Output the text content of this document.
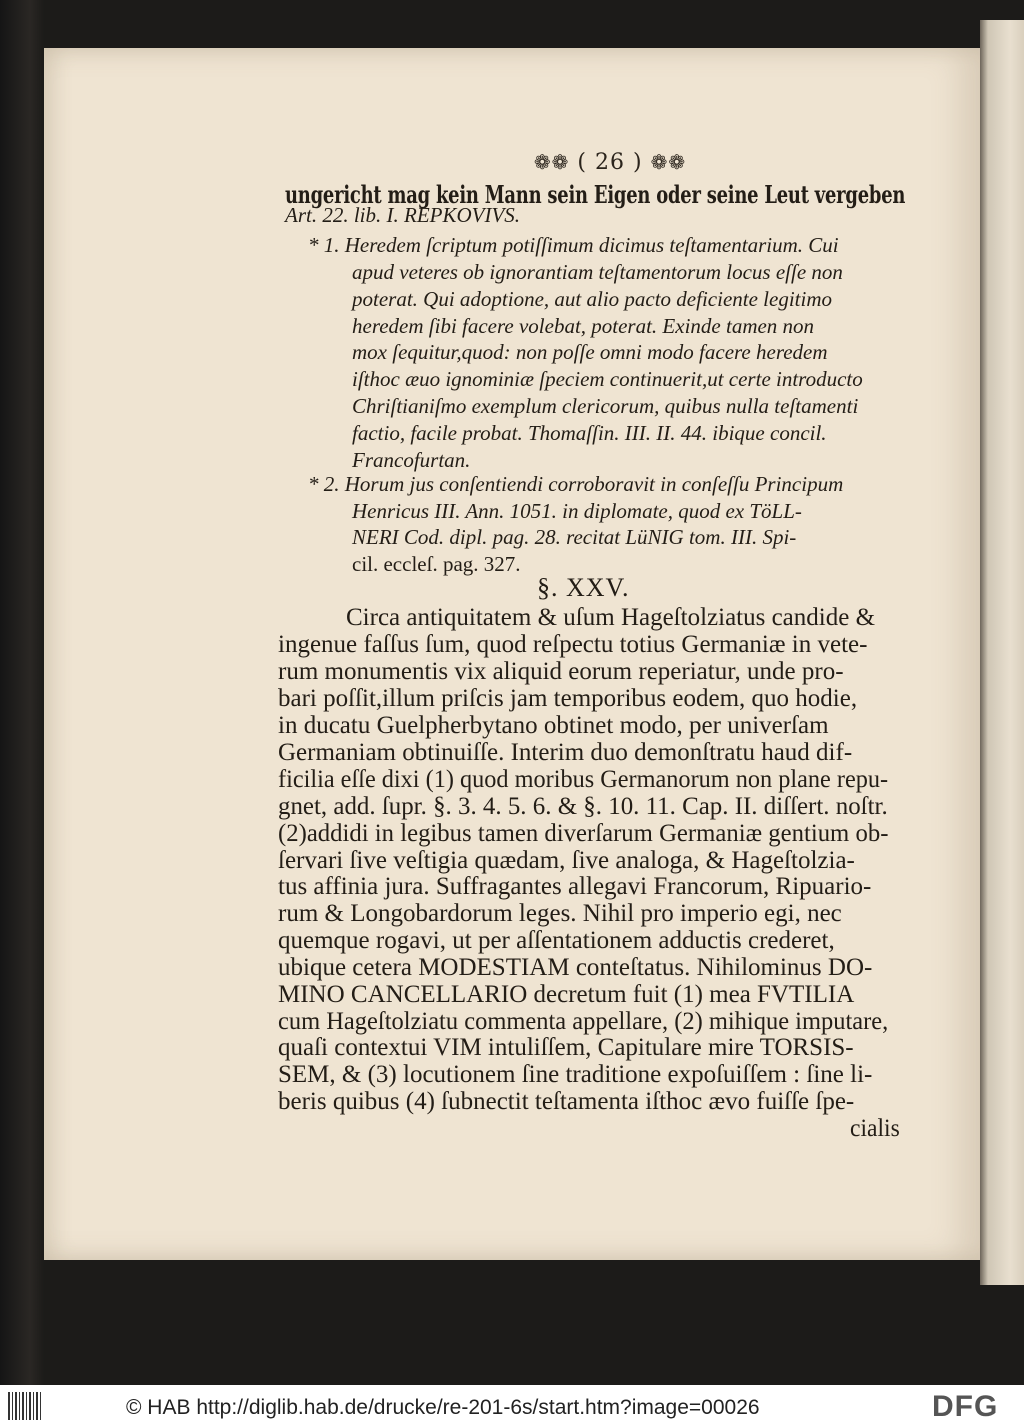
❁❁ ( 26 ) ❁❁
ungericht mag kein Mann sein Eigen oder seine Leut vergeben
Art. 22. lib. I. REPKOVIVS.
* 1. Heredem ſcriptum potiſſimum dicimus teſtamentarium. Cui
apud veteres ob ignorantiam teſtamentorum locus eſſe non
poterat. Qui adoptione, aut alio pacto deficiente legitimo
heredem ſibi facere volebat, poterat. Exinde tamen non
mox ſequitur,quod: non poſſe omni modo facere heredem
iſthoc æuo ignominiæ ſpeciem continuerit,ut certe introducto
Chriſtianiſmo exemplum clericorum, quibus nulla teſtamenti
factio, facile probat. Thomaſſin. III. II. 44. ibique concil.
Francofurtan.
* 2. Horum jus conſentiendi corroboravit in conſeſſu Principum
Henricus III. Ann. 1051. in diplomate, quod ex TöLL-
NERI Cod. dipl. pag. 28. recitat LüNIG tom. III. Spi-
cil. eccleſ. pag. 327.
§. XXV.
Circa antiquitatem & uſum Hageſtolziatus candide &
ingenue faſſus ſum, quod reſpectu totius Germaniæ in vete-
rum monumentis vix aliquid eorum reperiatur, unde pro-
bari poſſit,illum priſcis jam temporibus eodem, quo hodie,
in ducatu Guelpherbytano obtinet modo, per univerſam
Germaniam obtinuiſſe. Interim duo demonſtratu haud dif-
ficilia eſſe dixi (1) quod moribus Germanorum non plane repu-
gnet, add. ſupr. §. 3. 4. 5. 6. & §. 10. 11. Cap. II. diſſert. noſtr.
(2)addidi in legibus tamen diverſarum Germaniæ gentium ob-
ſervari ſive veſtigia quædam, ſive analoga, & Hageſtolzia-
tus affinia jura. Suffragantes allegavi Francorum, Ripuario-
rum & Longobardorum leges. Nihil pro imperio egi, nec
quemque rogavi, ut per aſſentationem adductis crederet,
ubique cetera MODESTIAM conteſtatus. Nihilominus DO-
MINO CANCELLARIO decretum fuit (1) mea FVTILIA
cum Hageſtolziatu commenta appellare, (2) mihique imputare,
quaſi contextui VIM intuliſſem, Capitulare mire TORSIS-
SEM, & (3) locutionem ſine traditione expoſuiſſem : ſine li-
beris quibus (4) ſubnectit teſtamenta iſthoc ævo fuiſſe ſpe-
cialis
© HAB http://diglib.hab.de/drucke/re-201-6s/start.htm?image=00026	DFG
